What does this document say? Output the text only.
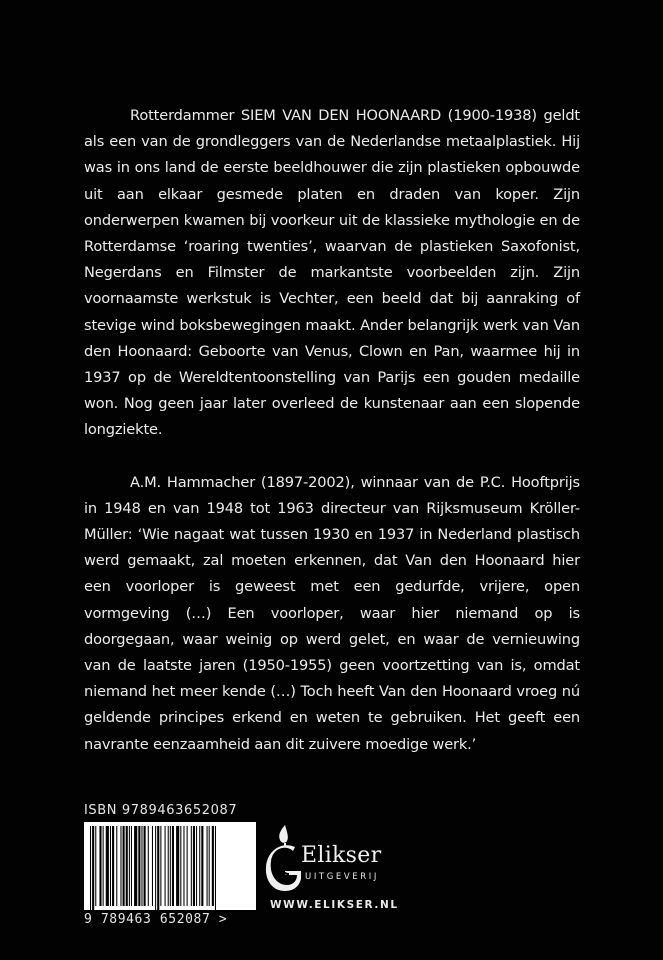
Rotterdammer SIEM VAN DEN HOONAARD (1900-1938) geldt als een van de grondleggers van de Nederlandse metaalplastiek. Hij was in ons land de eerste beeldhouwer die zijn plastieken opbouwde uit aan elkaar gesmede platen en draden van koper. Zijn onderwerpen kwamen bij voorkeur uit de klassieke mythologie en de Rotterdamse ‘roaring twenties’, waarvan de plastieken Saxofonist, Negerdans en Filmster de markantste voorbeelden zijn. Zijn voornaamste werkstuk is Vechter, een beeld dat bij aanraking of stevige wind boksbewegingen maakt. Ander belangrijk werk van Van den Hoonaard: Geboorte van Venus, Clown en Pan, waarmee hij in 1937 op de Wereldtentoonstelling van Parijs een gouden medaille won. Nog geen jaar later overleed de kunstenaar aan een slopende longziekte.

A.M. Hammacher (1897-2002), winnaar van de P.C. Hooftprijs in 1948 en van 1948 tot 1963 directeur van Rijksmuseum Kröller-Müller: ‘Wie nagaat wat tussen 1930 en 1937 in Nederland plastisch werd gemaakt, zal moeten erkennen, dat Van den Hoonaard hier een voorloper is geweest met een gedurfde, vrijere, open vormgeving (…) Een voorloper, waar hier niemand op is doorgegaan, waar weinig op werd gelet, en waar de vernieuwing van de laatste jaren (1950-1955) geen voortzetting van is, omdat niemand het meer kende (…) Toch heeft Van den Hoonaard vroeg nú geldende principes erkend en weten te gebruiken. Het geeft een navrante eenzaamheid aan dit zuivere moedige werk.’

ISBN 9789463652087
9 789463 652087 >
Elikser
UITGEVERIJ
WWW.ELIKSER.NL
